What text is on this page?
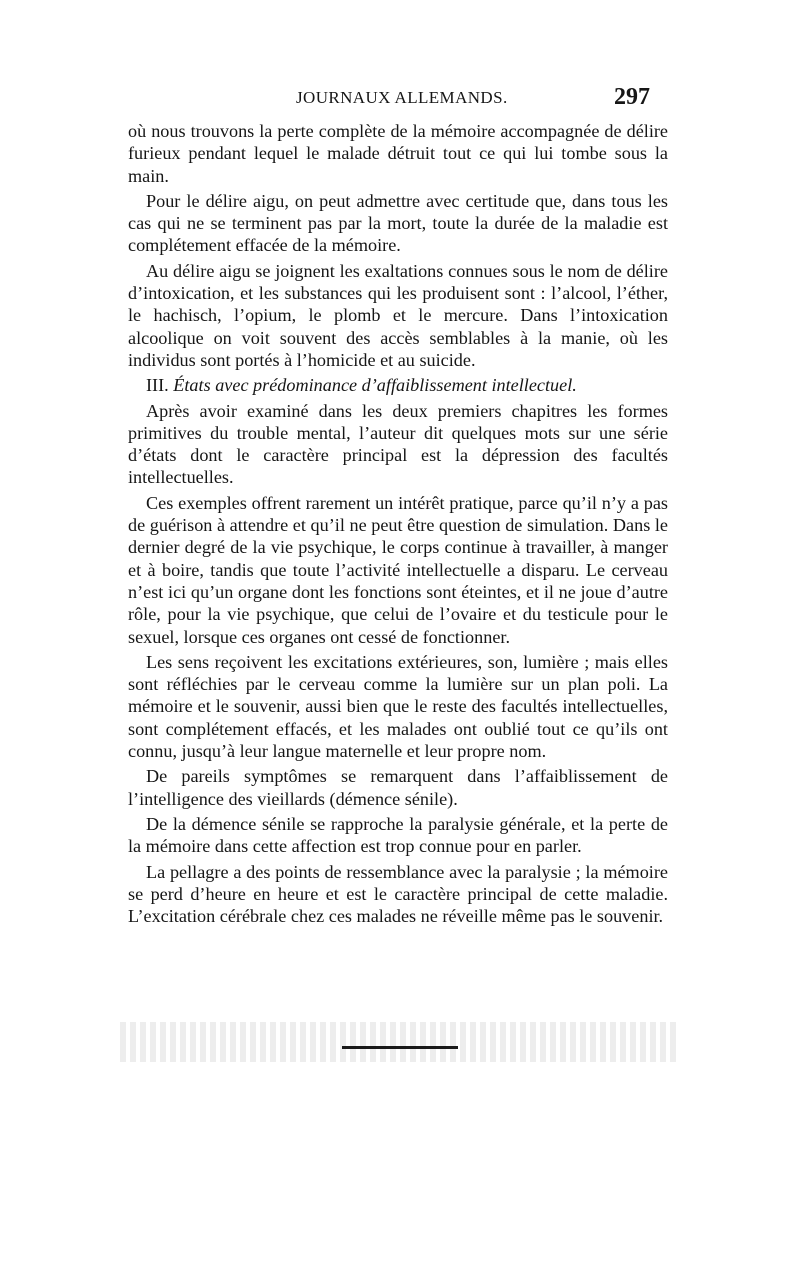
JOURNAUX ALLEMANDS.	297

où nous trouvons la perte complète de la mémoire accompagnée de délire furieux pendant lequel le malade détruit tout ce qui lui tombe sous la main.

Pour le délire aigu, on peut admettre avec certitude que, dans tous les cas qui ne se terminent pas par la mort, toute la durée de la maladie est complétement effacée de la mémoire.

Au délire aigu se joignent les exaltations connues sous le nom de délire d’intoxication, et les substances qui les produisent sont : l’alcool, l’éther, le hachisch, l’opium, le plomb et le mercure. Dans l’intoxication alcoolique on voit souvent des accès semblables à la manie, où les individus sont portés à l’homicide et au suicide.

III. États avec prédominance d’affaiblissement intellectuel.

Après avoir examiné dans les deux premiers chapitres les formes primitives du trouble mental, l’auteur dit quelques mots sur une série d’états dont le caractère principal est la dépression des facultés intellectuelles.

Ces exemples offrent rarement un intérêt pratique, parce qu’il n’y a pas de guérison à attendre et qu’il ne peut être question de simulation. Dans le dernier degré de la vie psychique, le corps continue à travailler, à manger et à boire, tandis que toute l’activité intellectuelle a disparu. Le cerveau n’est ici qu’un organe dont les fonctions sont éteintes, et il ne joue d’autre rôle, pour la vie psychique, que celui de l’ovaire et du testicule pour le sexuel, lorsque ces organes ont cessé de fonctionner.

Les sens reçoivent les excitations extérieures, son, lumière ; mais elles sont réfléchies par le cerveau comme la lumière sur un plan poli. La mémoire et le souvenir, aussi bien que le reste des facultés intellectuelles, sont complétement effacés, et les malades ont oublié tout ce qu’ils ont connu, jusqu’à leur langue maternelle et leur propre nom.

De pareils symptômes se remarquent dans l’affaiblissement de l’intelligence des vieillards (démence sénile).

De la démence sénile se rapproche la paralysie générale, et la perte de la mémoire dans cette affection est trop connue pour en parler.

La pellagre a des points de ressemblance avec la paralysie ; la mémoire se perd d’heure en heure et est le caractère principal de cette maladie. L’excitation cérébrale chez ces malades ne réveille même pas le souvenir.
